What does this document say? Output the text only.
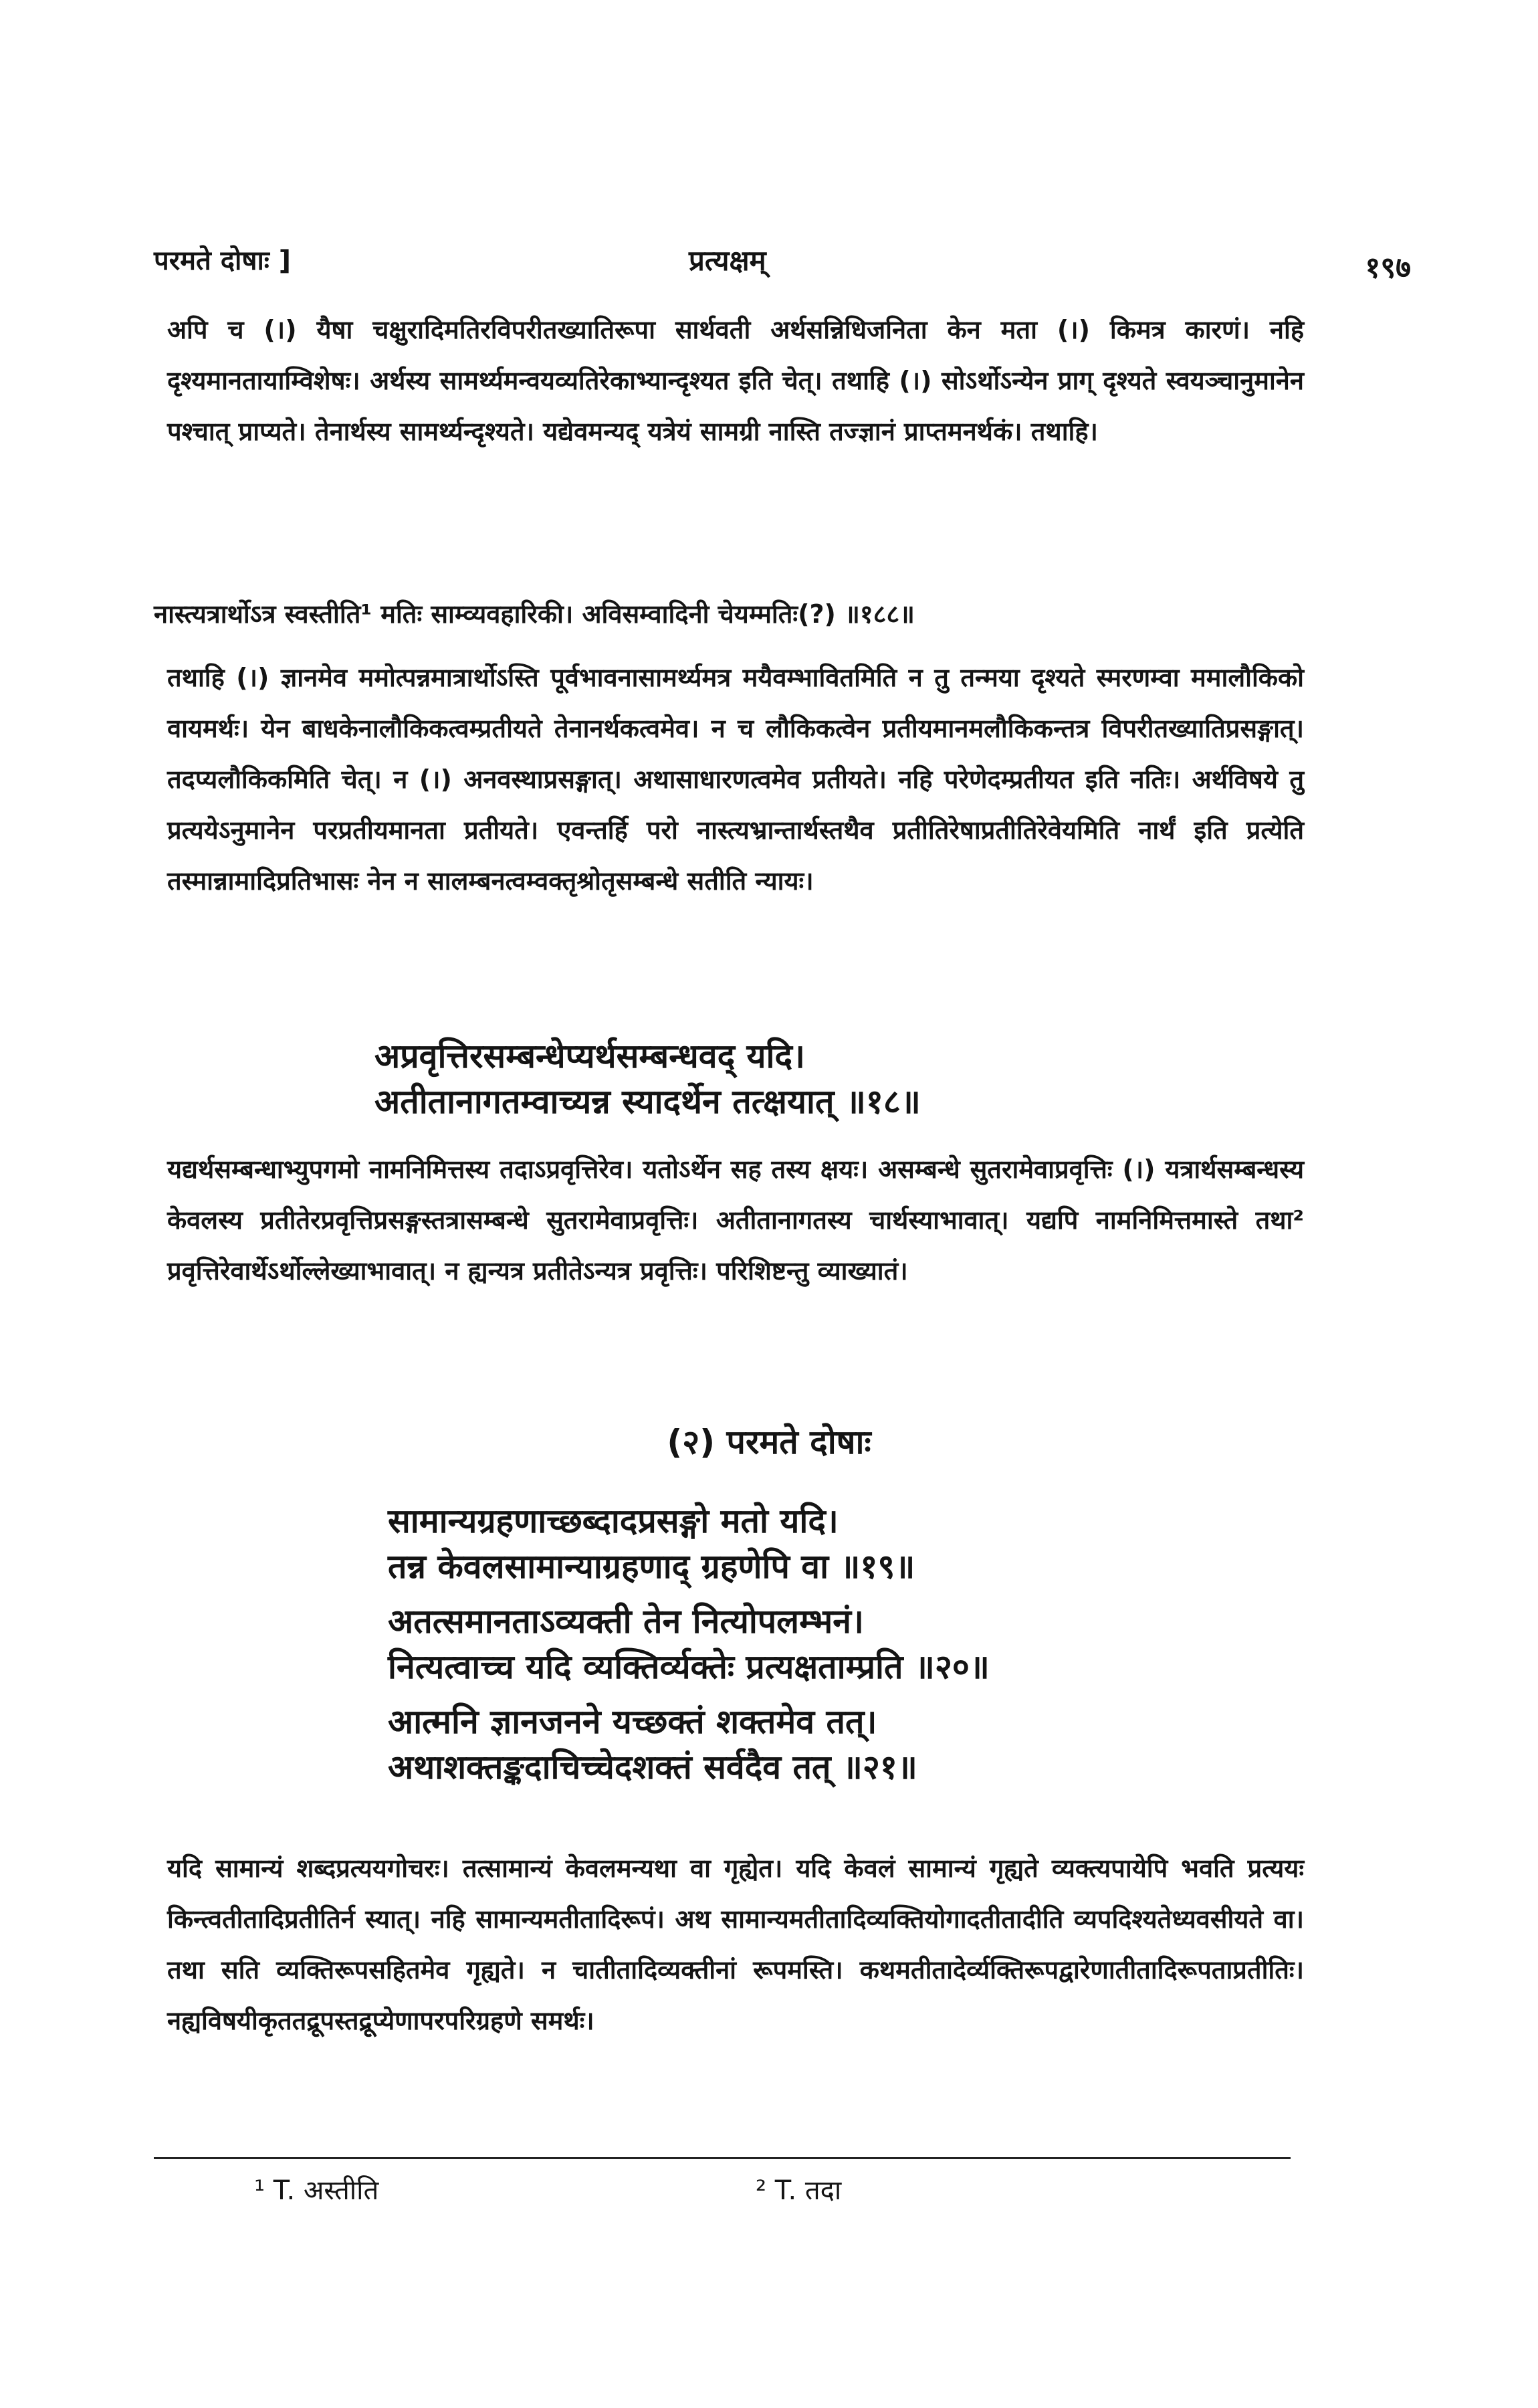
परमते दोषाः ]	प्रत्यक्षम्	१९७
अपि च (।) यैषा चक्षुरादिमतिरविपरीतख्यातिरूपा सार्थवती अर्थसन्निधिजनिता केन मता (।) किमत्र कारणं। नहि दृश्यमानतायाम्विशेषः। अर्थस्य सामर्थ्यमन्वयव्यतिरेकाभ्यान्दृश्यत इति चेत्। तथाहि (।) सोऽर्थोऽन्येन प्राग् दृश्यते स्वयञ्चानुमानेन पश्चात् प्राप्यते। तेनार्थस्य सामर्थ्यन्दृश्यते। यद्येवमन्यद् यत्रेयं सामग्री नास्ति तज्ज्ञानं प्राप्तमनर्थकं। तथाहि।
नास्त्यत्रार्थोऽत्र स्वस्तीति¹ मतिः साम्व्यवहारिकी। अविसम्वादिनी चेयम्मतिः(?) ॥१८८॥
तथाहि (।) ज्ञानमेव ममोत्पन्नमात्रार्थोऽस्ति पूर्वभावनासामर्थ्यमत्र मयैवम्भावितमिति न तु तन्मया दृश्यते स्मरणम्वा ममालौकिको वायमर्थः। येन बाधकेनालौकिकत्वम्प्रतीयते तेनानर्थकत्वमेव। न च लौकिकत्वेन प्रतीयमानमलौकिकन्तत्र विपरीतख्यातिप्रसङ्गात्। तदप्यलौकिकमिति चेत्। न (।) अनवस्थाप्रसङ्गात्। अथासाधारणत्वमेव प्रतीयते। नहि परेणेदम्प्रतीयत इति नतिः। अर्थविषये तु प्रत्ययेऽनुमानेन परप्रतीयमानता प्रतीयते। एवन्तर्हि परो नास्त्यभ्रान्तार्थस्तथैव प्रतीतिरेषाप्रतीतिरेवेयमिति नार्थं इति प्रत्येति तस्मान्नामादिप्रतिभासः नेन न सालम्बनत्वम्वक्तृश्रोतृसम्बन्धे सतीति न्यायः।
अप्रवृत्तिरसम्बन्धेप्यर्थसम्बन्धवद् यदि।
अतीतानागतम्वाच्यन्न स्यादर्थेन तत्क्षयात् ॥१८॥
यद्यर्थसम्बन्धाभ्युपगमो नामनिमित्तस्य तदाऽप्रवृत्तिरेव। यतोऽर्थेन सह तस्य क्षयः। असम्बन्धे सुतरामेवाप्रवृत्तिः (।) यत्रार्थसम्बन्धस्य केवलस्य प्रतीतेरप्रवृत्तिप्रसङ्गस्तत्रासम्बन्धे सुतरामेवाप्रवृत्तिः। अतीतानागतस्य चार्थस्याभावात्। यद्यपि नामनिमित्तमास्ते तथा² प्रवृत्तिरेवार्थेऽर्थोल्लेख्याभावात्। न ह्यन्यत्र प्रतीतेऽन्यत्र प्रवृत्तिः। परिशिष्टन्तु व्याख्यातं।
(२) परमते दोषाः
सामान्यग्रहणाच्छब्दादप्रसङ्गो मतो यदि।
तन्न केवलसामान्याग्रहणाद् ग्रहणेपि वा ॥१९॥
अतत्समानताऽव्यक्ती तेन नित्योपलम्भनं।
नित्यत्वाच्च यदि व्यक्तिर्व्यक्तेः प्रत्यक्षताम्प्रति ॥२०॥
आत्मनि ज्ञानजनने यच्छक्तं शक्तमेव तत्।
अथाशक्तङ्कदाचिच्चेदशक्तं सर्वदैव तत् ॥२१॥
यदि सामान्यं शब्दप्रत्ययगोचरः। तत्सामान्यं केवलमन्यथा वा गृह्येत। यदि केवलं सामान्यं गृह्यते व्यक्त्यपायेपि भवति प्रत्ययः किन्त्वतीतादिप्रतीतिर्न स्यात्। नहि सामान्यमतीतादिरूपं। अथ सामान्यमतीतादिव्यक्तियोगादतीतादीति व्यपदिश्यतेध्यवसीयते वा। तथा सति व्यक्तिरूपसहितमेव गृह्यते। न चातीतादिव्यक्तीनां रूपमस्ति। कथमतीतादेर्व्यक्तिरूपद्वारेणातीतादिरूपताप्रतीतिः। नह्यविषयीकृततद्रूपस्तद्रूप्येणापरपरिग्रहणे समर्थः।
¹ T. अस्तीति	² T. तदा
